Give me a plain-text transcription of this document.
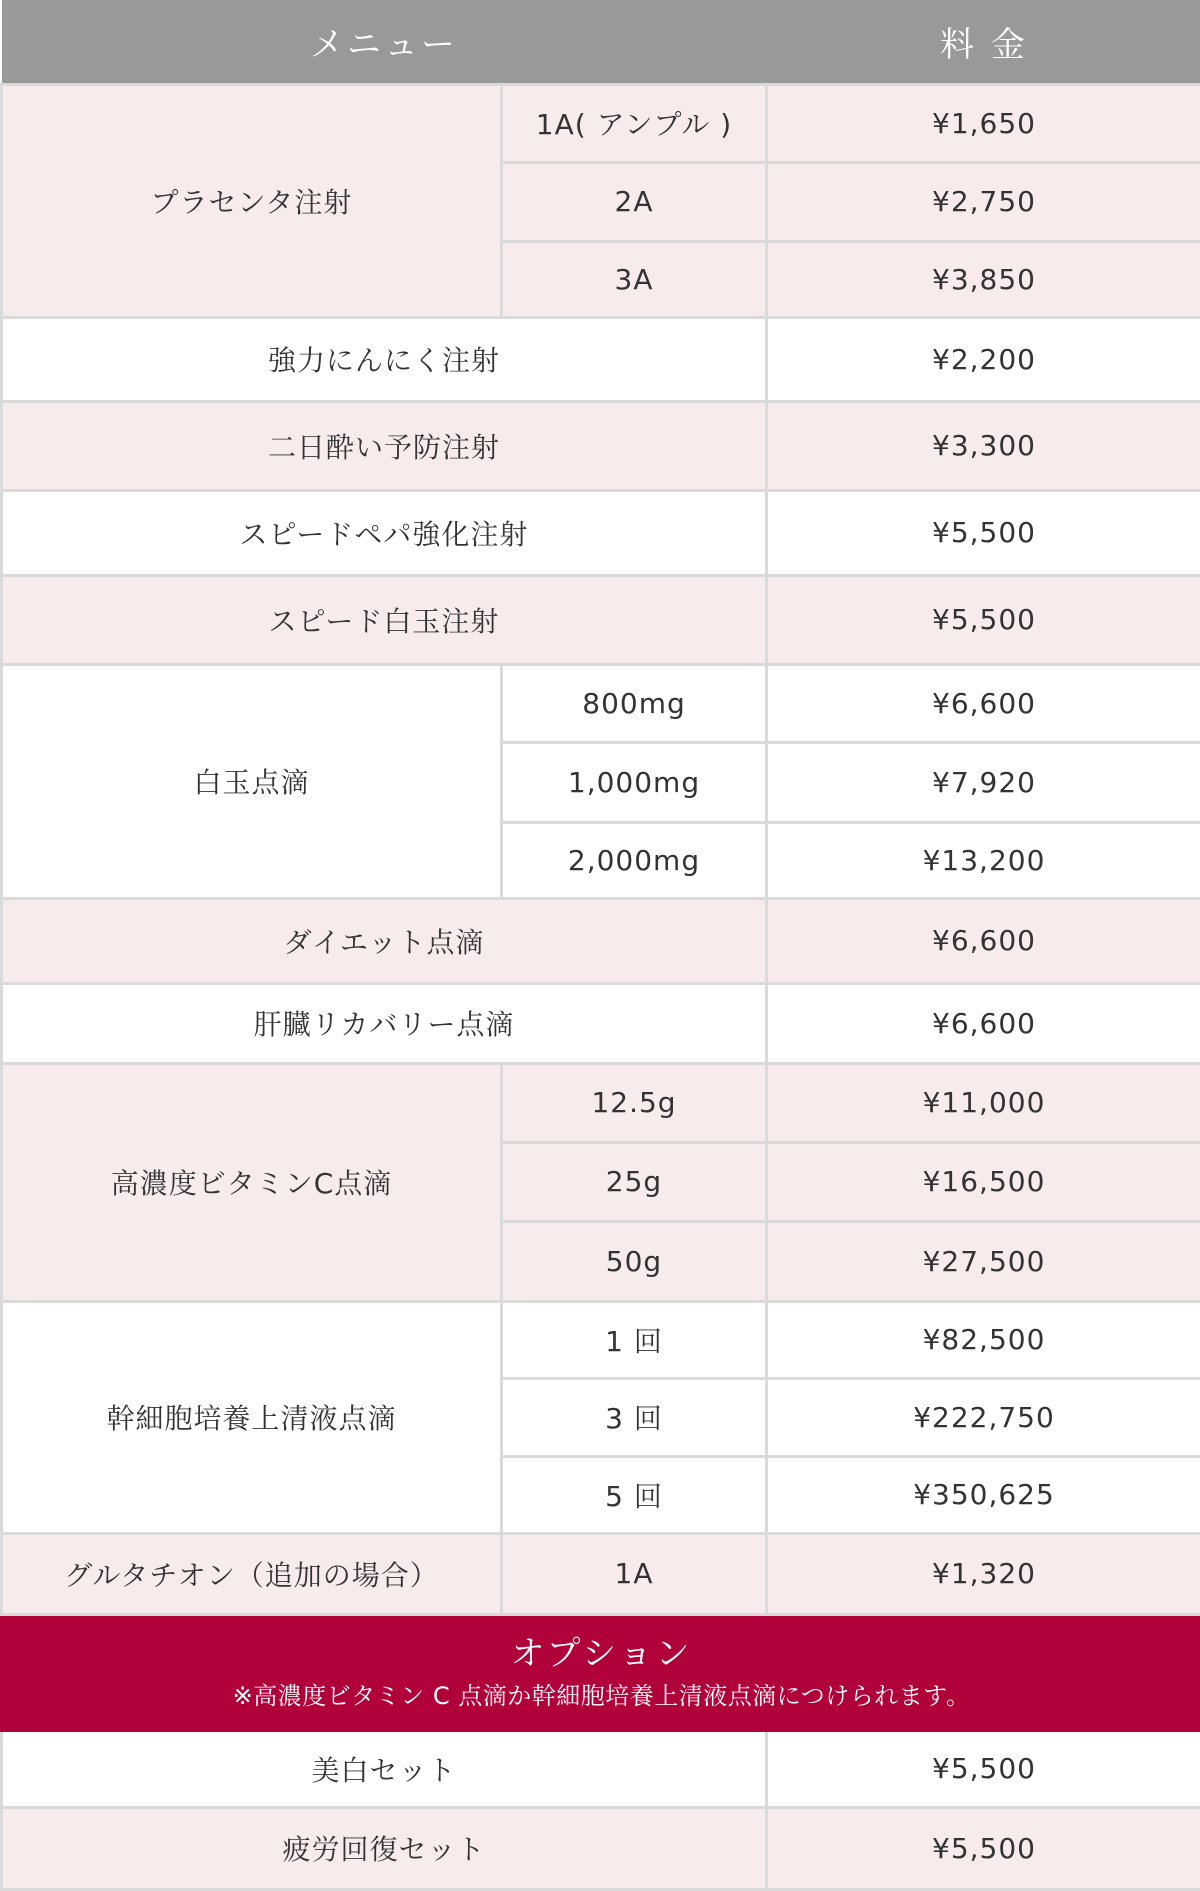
メニュー		料 金
プラセンタ注射	1A( アンプル )	¥1,650
	2A	¥2,750
	3A	¥3,850
強力にんにく注射		¥2,200
二日酔い予防注射		¥3,300
スピードペパ強化注射		¥5,500
スピード白玉注射		¥5,500
白玉点滴	800mg	¥6,600
	1,000mg	¥7,920
	2,000mg	¥13,200
ダイエット点滴		¥6,600
肝臓リカバリー点滴		¥6,600
高濃度ビタミンC点滴	12.5g	¥11,000
	25g	¥16,500
	50g	¥27,500
幹細胞培養上清液点滴	1 回	¥82,500
	3 回	¥222,750
	5 回	¥350,625
グルタチオン（追加の場合）	1A	¥1,320

オプション
※高濃度ビタミン C 点滴か幹細胞培養上清液点滴につけられます。		

美白セット		¥5,500
疲労回復セット		¥5,500
